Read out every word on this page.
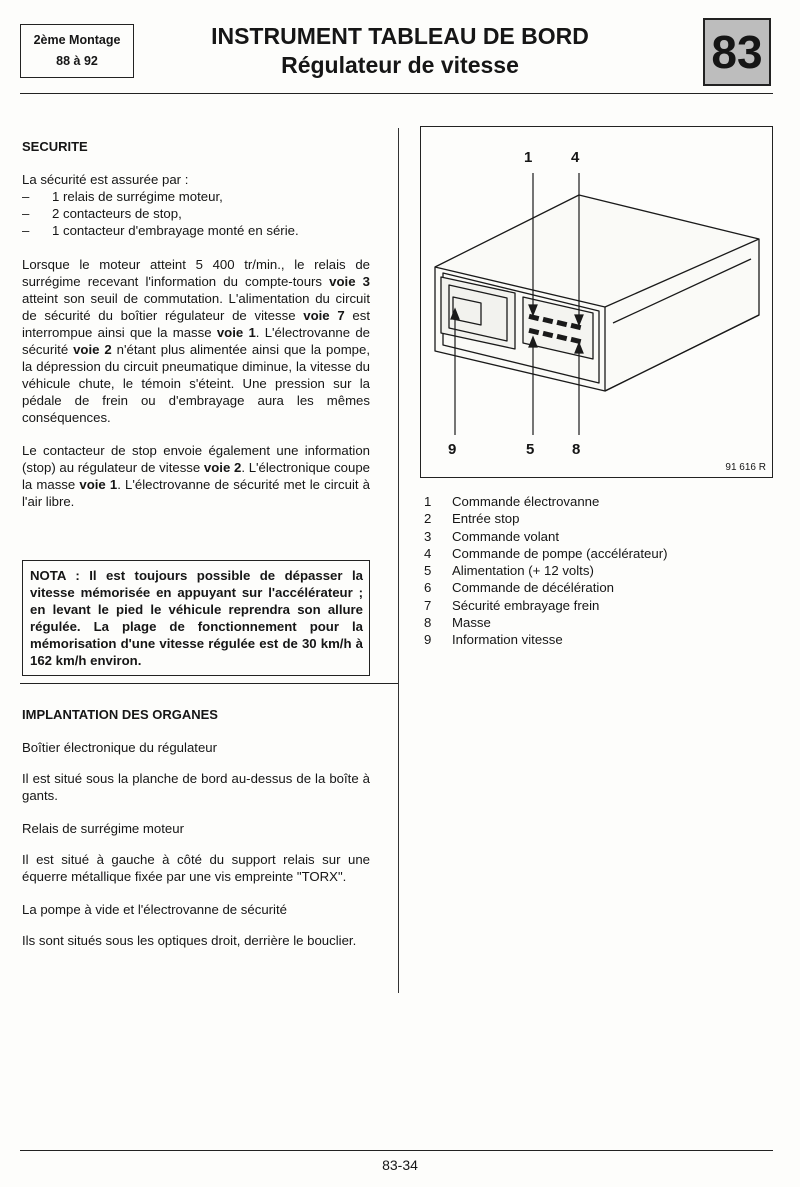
2ème Montage
88 à 92
INSTRUMENT TABLEAU DE BORD
Régulateur de vitesse	83
SECURITE
La sécurité est assurée par :
– 1 relais de surrégime moteur,
– 2 contacteurs de stop,
– 1 contacteur d'embrayage monté en série.

Lorsque le moteur atteint 5 400 tr/min., le relais de surrégime recevant l'information du compte-tours voie 3 atteint son seuil de commutation. L'alimentation du circuit de sécurité du boîtier régulateur de vitesse voie 7 est interrompue ainsi que la masse voie 1. L'électrovanne de sécurité voie 2 n'étant plus alimentée ainsi que la pompe, la dépression du circuit pneumatique diminue, la vitesse du véhicule chute, le témoin s'éteint. Une pression sur la pédale de frein ou d'embrayage aura les mêmes conséquences.

Le contacteur de stop envoie également une information (stop) au régulateur de vitesse voie 2. L'électronique coupe la masse voie 1. L'électrovanne de sécurité met le circuit à l'air libre.

NOTA : Il est toujours possible de dépasser la vitesse mémorisée en appuyant sur l'accélérateur ; en levant le pied le véhicule reprendra son allure régulée. La plage de fonctionnement pour la mémorisation d'une vitesse régulée est de 30 km/h à 162 km/h environ.
IMPLANTATION DES ORGANES
Boîtier électronique du régulateur

Il est situé sous la planche de bord au-dessus de la boîte à gants.

Relais de surrégime moteur

Il est situé à gauche à côté du support relais sur une équerre métallique fixée par une vis empreinte "TORX".

La pompe à vide et l'électrovanne de sécurité

Ils sont situés sous les optiques droit, derrière le bouclier.

1	4
9	5	8
91 616 R
1	Commande électrovanne
2	Entrée stop
3	Commande volant
4	Commande de pompe (accélérateur)
5	Alimentation (+ 12 volts)
6	Commande de décélération
7	Sécurité embrayage frein
8	Masse
9	Information vitesse
83-34
